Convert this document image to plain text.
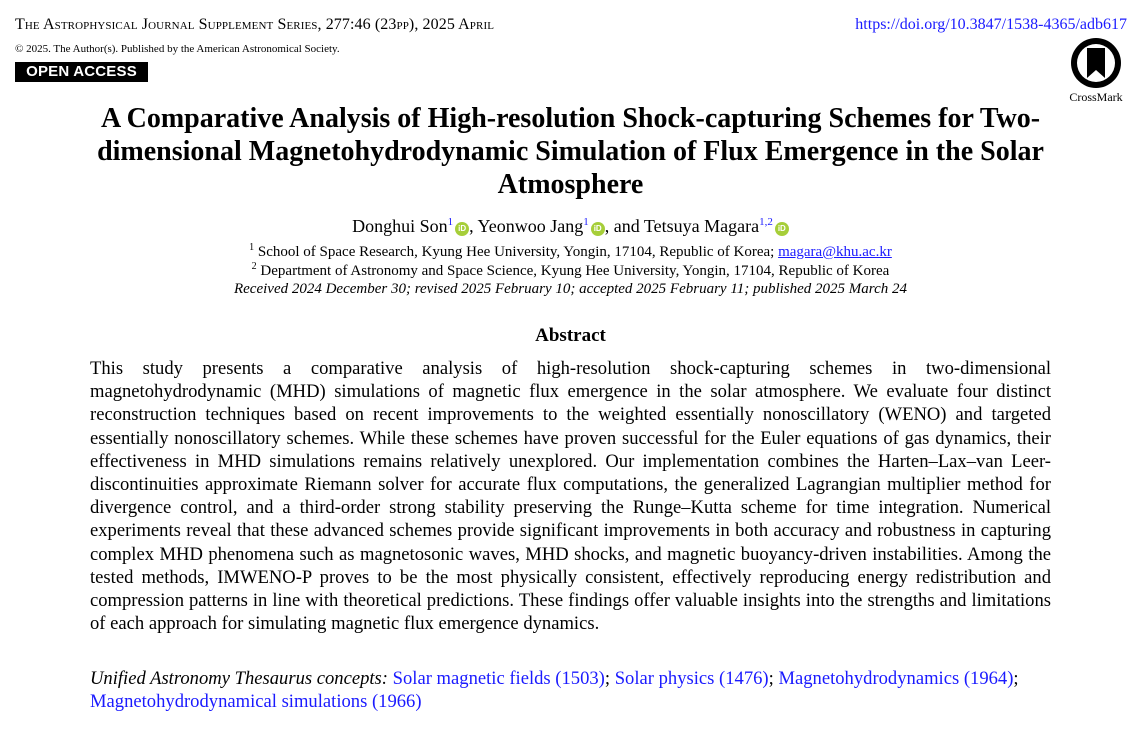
The Astrophysical Journal Supplement Series, 277:46 (23pp), 2025 April	https://doi.org/10.3847/1538-4365/adb617
© 2025. The Author(s). Published by the American Astronomical Society.
OPEN ACCESS
CrossMark
A Comparative Analysis of High-resolution Shock-capturing Schemes for Two-dimensional Magnetohydrodynamic Simulation of Flux Emergence in the Solar Atmosphere
Donghui Son$^1$iD , Yeonwoo Jang$^1$iD , and Tetsuya Magara$^{1,2}$iD
$^1$ School of Space Research, Kyung Hee University, Yongin, 17104, Republic of Korea; magara@khu.ac.kr
$^2$ Department of Astronomy and Space Science, Kyung Hee University, Yongin, 17104, Republic of Korea
Received 2024 December 30; revised 2025 February 10; accepted 2025 February 11; published 2025 March 24
Abstract
This study presents a comparative analysis of high-resolution shock-capturing schemes in two-dimensional magnetohydrodynamic (MHD) simulations of magnetic flux emergence in the solar atmosphere. We evaluate four distinct reconstruction techniques based on recent improvements to the weighted essentially nonoscillatory (WENO) and targeted essentially nonoscillatory schemes. While these schemes have proven successful for the Euler equations of gas dynamics, their effectiveness in MHD simulations remains relatively unexplored. Our implementation combines the Harten–Lax–van Leer-discontinuities approximate Riemann solver for accurate flux computations, the generalized Lagrangian multiplier method for divergence control, and a third-order strong stability preserving the Runge–Kutta scheme for time integration. Numerical experiments reveal that these advanced schemes provide significant improvements in both accuracy and robustness in capturing complex MHD phenomena such as magnetosonic waves, MHD shocks, and magnetic buoyancy-driven instabilities. Among the tested methods, IMWENO-P proves to be the most physically consistent, effectively reproducing energy redistribution and compression patterns in line with theoretical predictions. These findings offer valuable insights into the strengths and limitations of each approach for simulating magnetic flux emergence dynamics.
Unified Astronomy Thesaurus concepts: Solar magnetic fields (1503); Solar physics (1476); Magnetohydrodynamics (1964); Magnetohydrodynamical simulations (1966)
